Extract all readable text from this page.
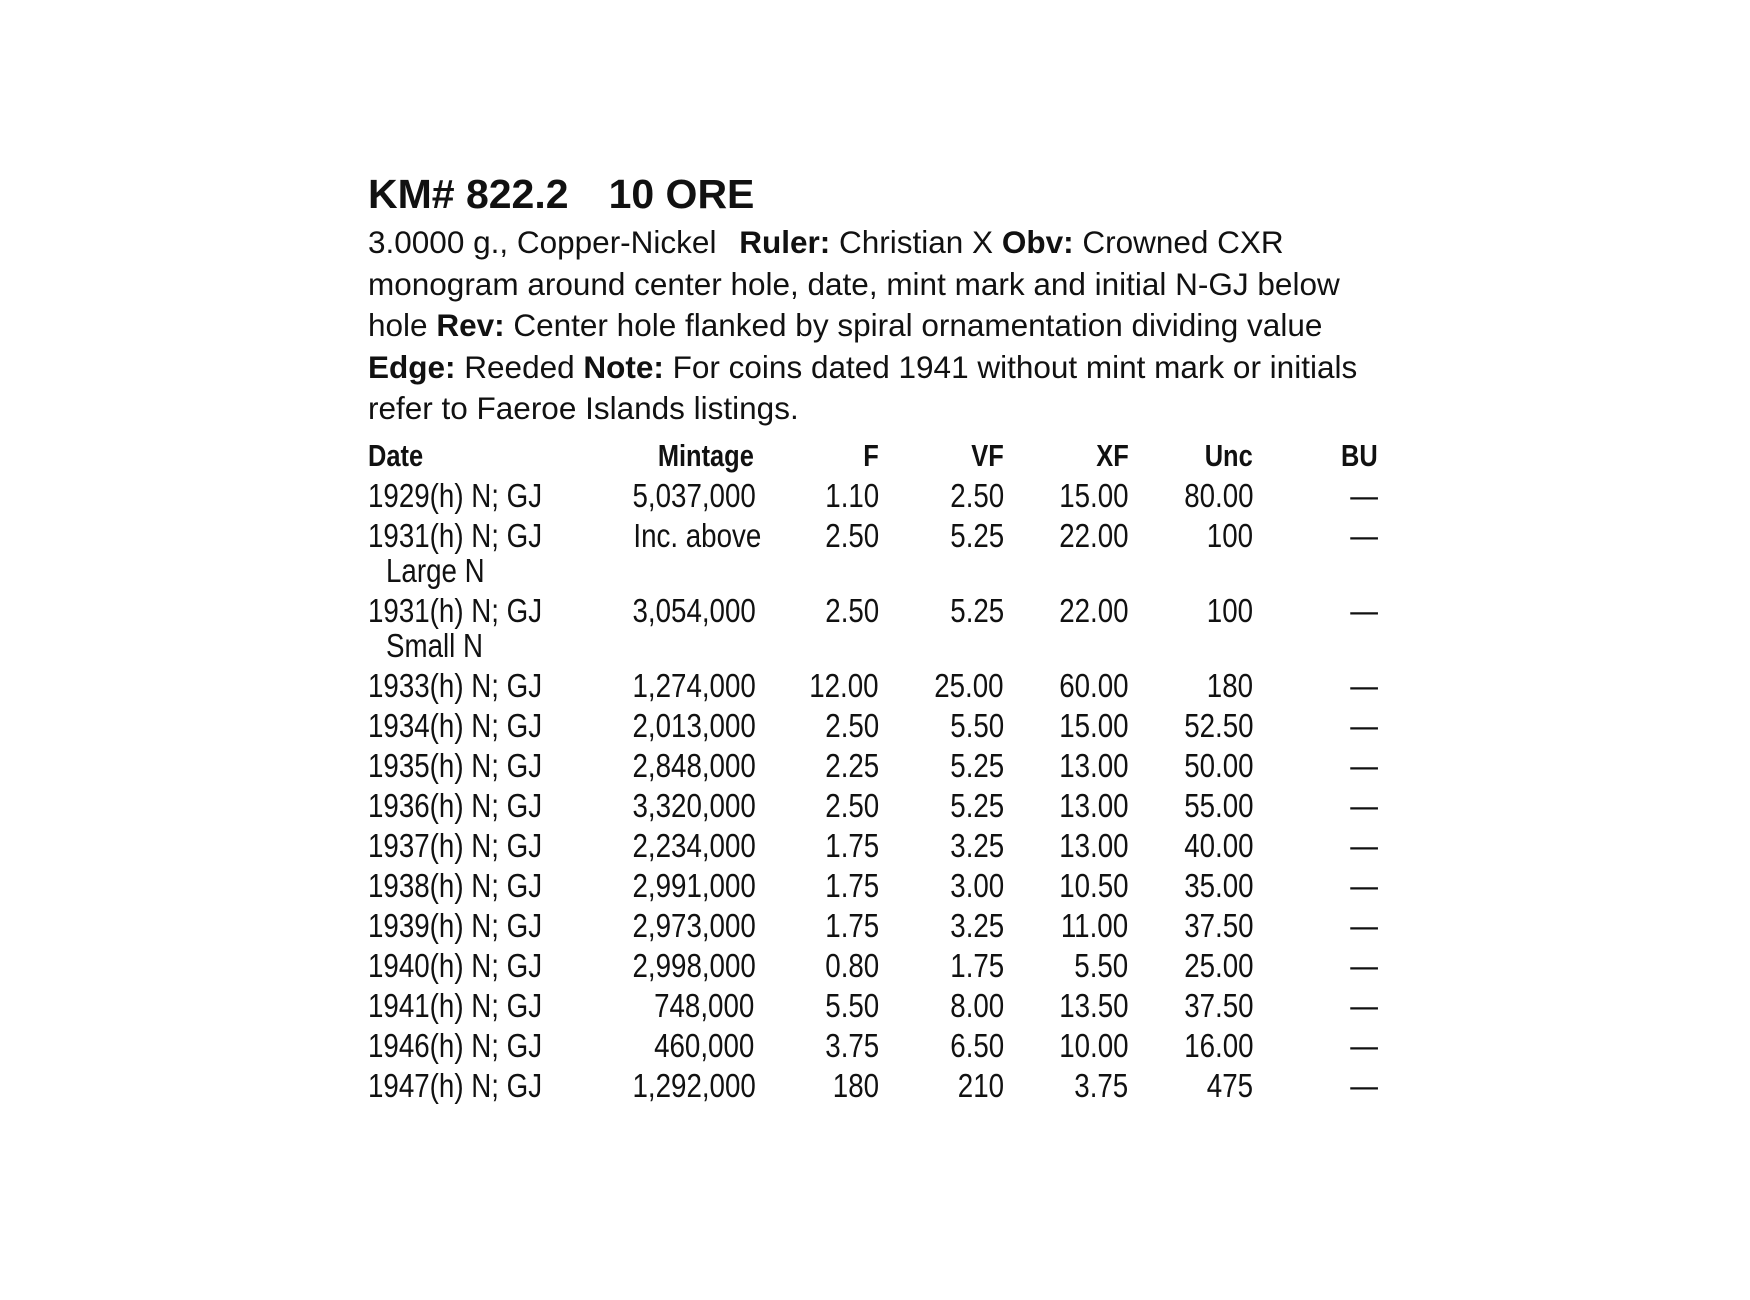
KM# 822.2 10 ORE

3.0000 g., Copper-Nickel Ruler: Christian X Obv: Crowned CXR monogram around center hole, date, mint mark and initial N-GJ below hole Rev: Center hole flanked by spiral ornamentation dividing value Edge: Reeded Note: For coins dated 1941 without mint mark or initials refer to Faeroe Islands listings.

Date	Mintage	F	VF	XF	Unc	BU
1929(h) N; GJ	5,037,000	1.10	2.50	15.00	80.00	—
1931(h) N; GJ
Large N	Inc. above	2.50	5.25	22.00	100	—
1931(h) N; GJ
Small N	3,054,000	2.50	5.25	22.00	100	—
1933(h) N; GJ	1,274,000	12.00	25.00	60.00	180	—
1934(h) N; GJ	2,013,000	2.50	5.50	15.00	52.50	—
1935(h) N; GJ	2,848,000	2.25	5.25	13.00	50.00	—
1936(h) N; GJ	3,320,000	2.50	5.25	13.00	55.00	—
1937(h) N; GJ	2,234,000	1.75	3.25	13.00	40.00	—
1938(h) N; GJ	2,991,000	1.75	3.00	10.50	35.00	—
1939(h) N; GJ	2,973,000	1.75	3.25	11.00	37.50	—
1940(h) N; GJ	2,998,000	0.80	1.75	5.50	25.00	—
1941(h) N; GJ	748,000	5.50	8.00	13.50	37.50	—
1946(h) N; GJ	460,000	3.75	6.50	10.00	16.00	—
1947(h) N; GJ	1,292,000	180	210	3.75	475	—
